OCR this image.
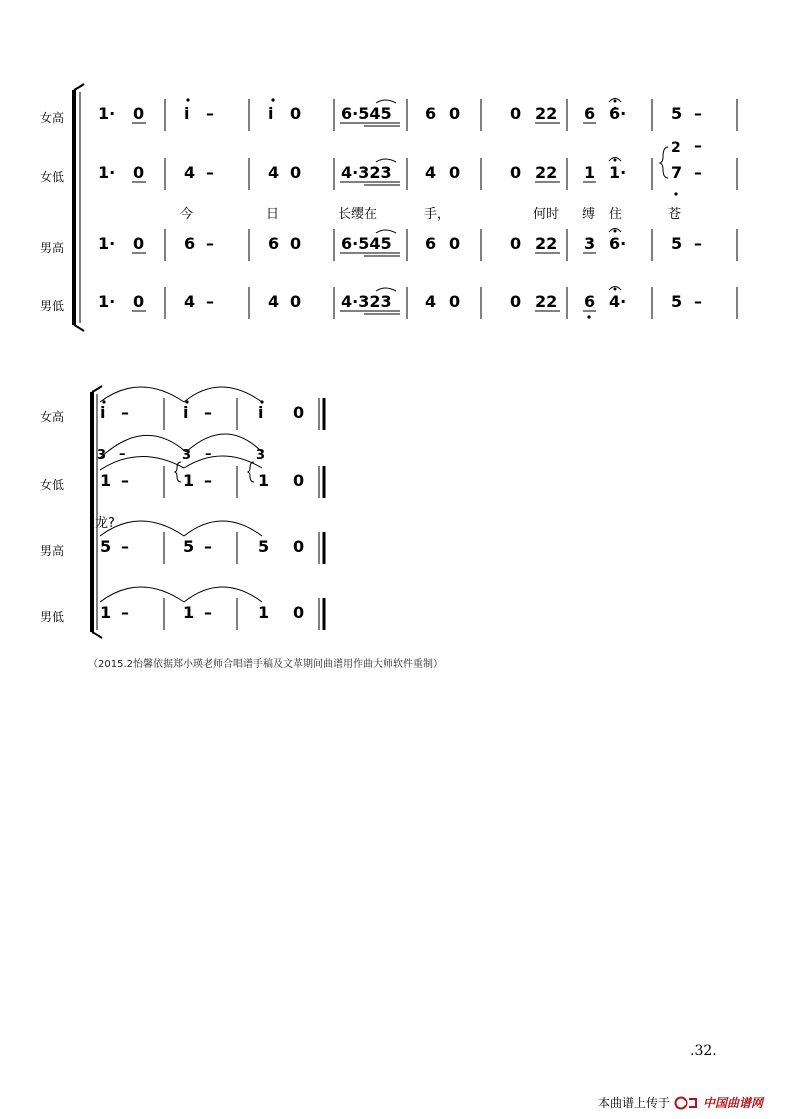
女高
女低
男高
男低
1· 0 i –	i 0 6·545 6 0	0 22 6 6·	5 –
1· 0 4 –	4 0 4·323 4 0	0 22 1 1·	7 –
2 –
今	日	长缨在	手，	何时 缚 住	苍
1· 0 6 –	6 0 6·545 6 0	0 22 3 6·	5 –
1· 0 4 –	4 0 4·323 4 0	0 22 6 4·	5 –
女高
女低
男高
男低
i –	i –	i 0
3 –	3 –	3
1 –	1 –	1 0
龙?
5 –	5 –	5 0
1 –	1 –	1 0
（2015.2怡馨依据郑小瑛老师合唱谱手稿及文革期间曲谱用作曲大师软件重制）
.32.
本曲谱上传于	中国曲谱网
